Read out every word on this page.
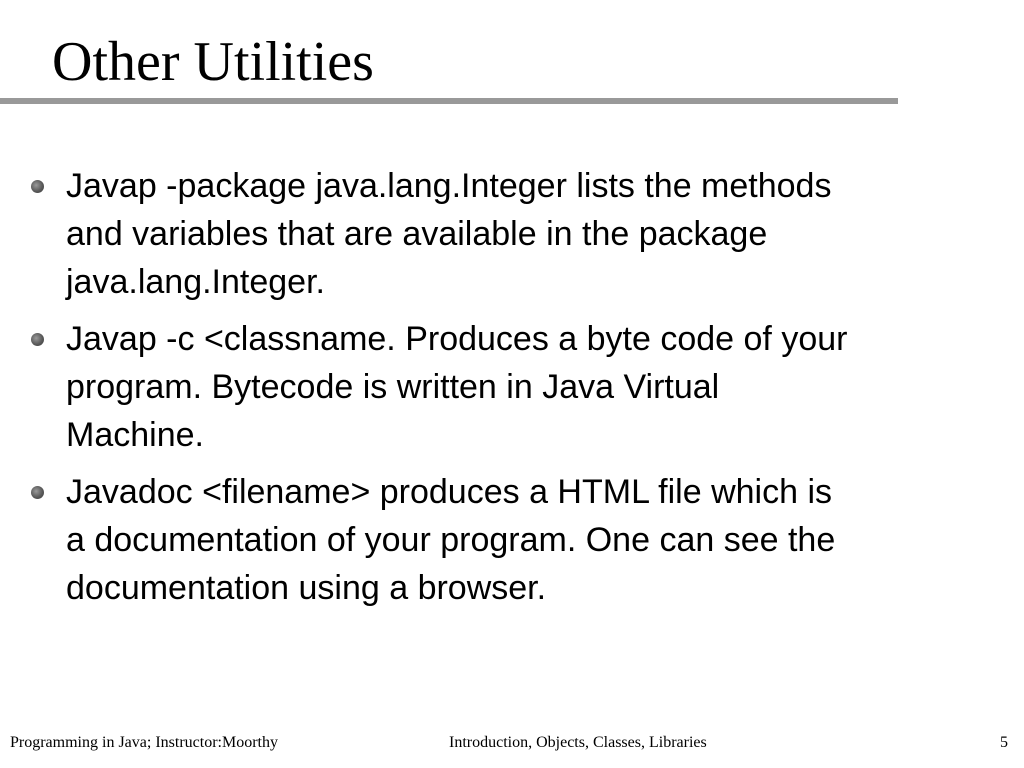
Other Utilities
Javap -package java.lang.Integer lists the methods
and variables that are available in the package
java.lang.Integer.
Javap -c <classname. Produces a byte code of your
program. Bytecode is written in Java Virtual
Machine.
Javadoc <filename> produces a HTML file which is
a documentation of your program. One can see the
documentation using a browser.
Programming in Java; Instructor:Moorthy	Introduction, Objects, Classes, Libraries	5
